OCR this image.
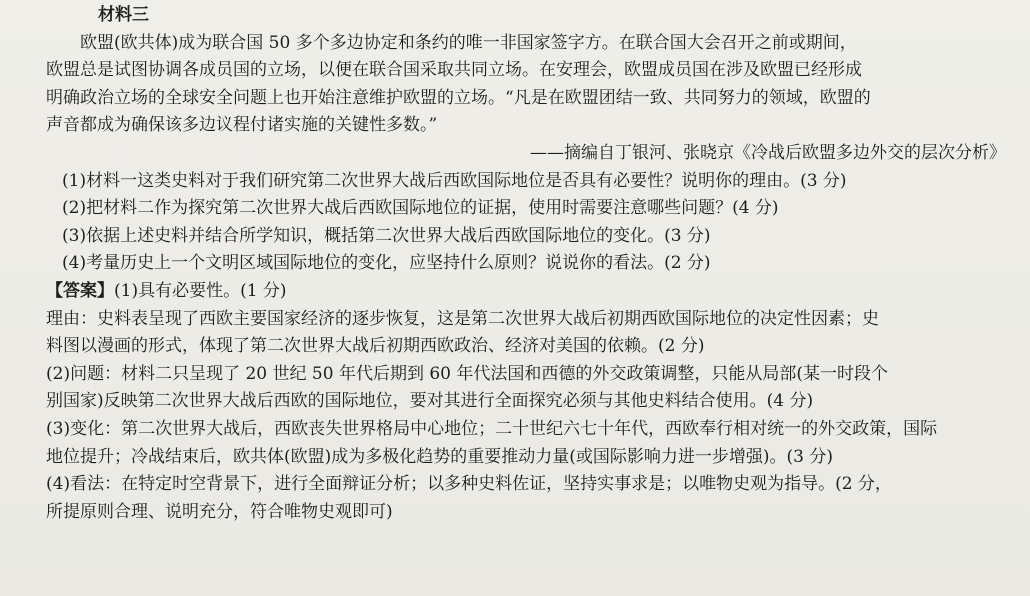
材料三
欧盟(欧共体)成为联合国 50 多个多边协定和条约的唯一非国家签字方。在联合国大会召开之前或期间，
欧盟总是试图协调各成员国的立场，以便在联合国采取共同立场。在安理会，欧盟成员国在涉及欧盟已经形成
明确政治立场的全球安全问题上也开始注意维护欧盟的立场。“凡是在欧盟团结一致、共同努力的领域，欧盟的
声音都成为确保该多边议程付诸实施的关键性多数。”
——摘编自丁银河、张晓京《冷战后欧盟多边外交的层次分析》
(1)材料一这类史料对于我们研究第二次世界大战后西欧国际地位是否具有必要性？说明你的理由。(3 分)
(2)把材料二作为探究第二次世界大战后西欧国际地位的证据，使用时需要注意哪些问题？(4 分)
(3)依据上述史料并结合所学知识，概括第二次世界大战后西欧国际地位的变化。(3 分)
(4)考量历史上一个文明区域国际地位的变化，应坚持什么原则？说说你的看法。(2 分)
【答案】(1)具有必要性。(1 分)
理由：史料表呈现了西欧主要国家经济的逐步恢复，这是第二次世界大战后初期西欧国际地位的决定性因素；史
料图以漫画的形式，体现了第二次世界大战后初期西欧政治、经济对美国的依赖。(2 分)
(2)问题：材料二只呈现了 20 世纪 50 年代后期到 60 年代法国和西德的外交政策调整，只能从局部(某一时段个
别国家)反映第二次世界大战后西欧的国际地位，要对其进行全面探究必须与其他史料结合使用。(4 分)
(3)变化：第二次世界大战后，西欧丧失世界格局中心地位；二十世纪六七十年代，西欧奉行相对统一的外交政策，国际
地位提升；冷战结束后，欧共体(欧盟)成为多极化趋势的重要推动力量(或国际影响力进一步增强)。(3 分)
(4)看法：在特定时空背景下，进行全面辩证分析；以多种史料佐证，坚持实事求是；以唯物史观为指导。(2 分，
所提原则合理、说明充分，符合唯物史观即可)
